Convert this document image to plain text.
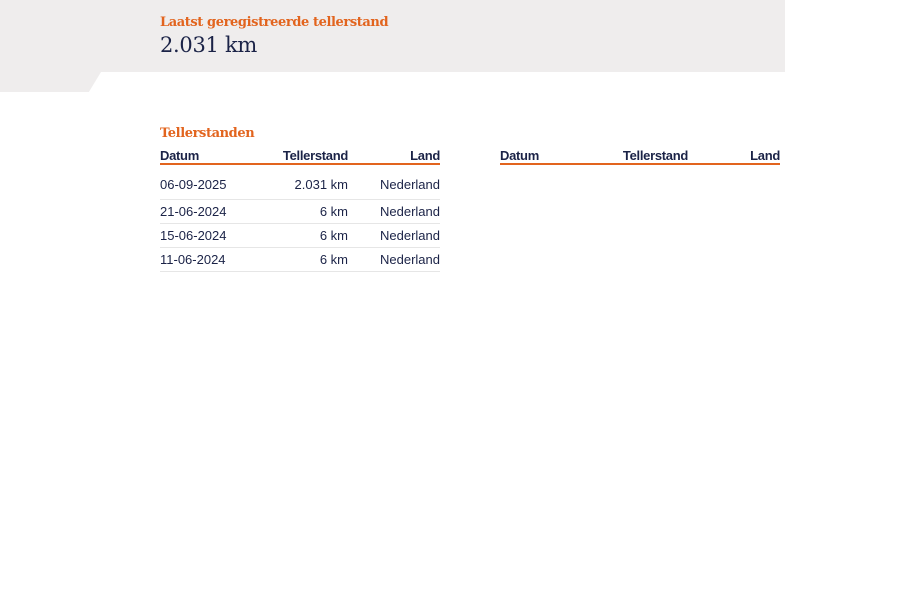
Laatst geregistreerde tellerstand
2.031 km
Tellerstanden
Datum	Tellerstand	Land
06-09-2025	2.031 km	Nederland
21-06-2024	6 km	Nederland
15-06-2024	6 km	Nederland
11-06-2024	6 km	Nederland
Datum	Tellerstand	Land
